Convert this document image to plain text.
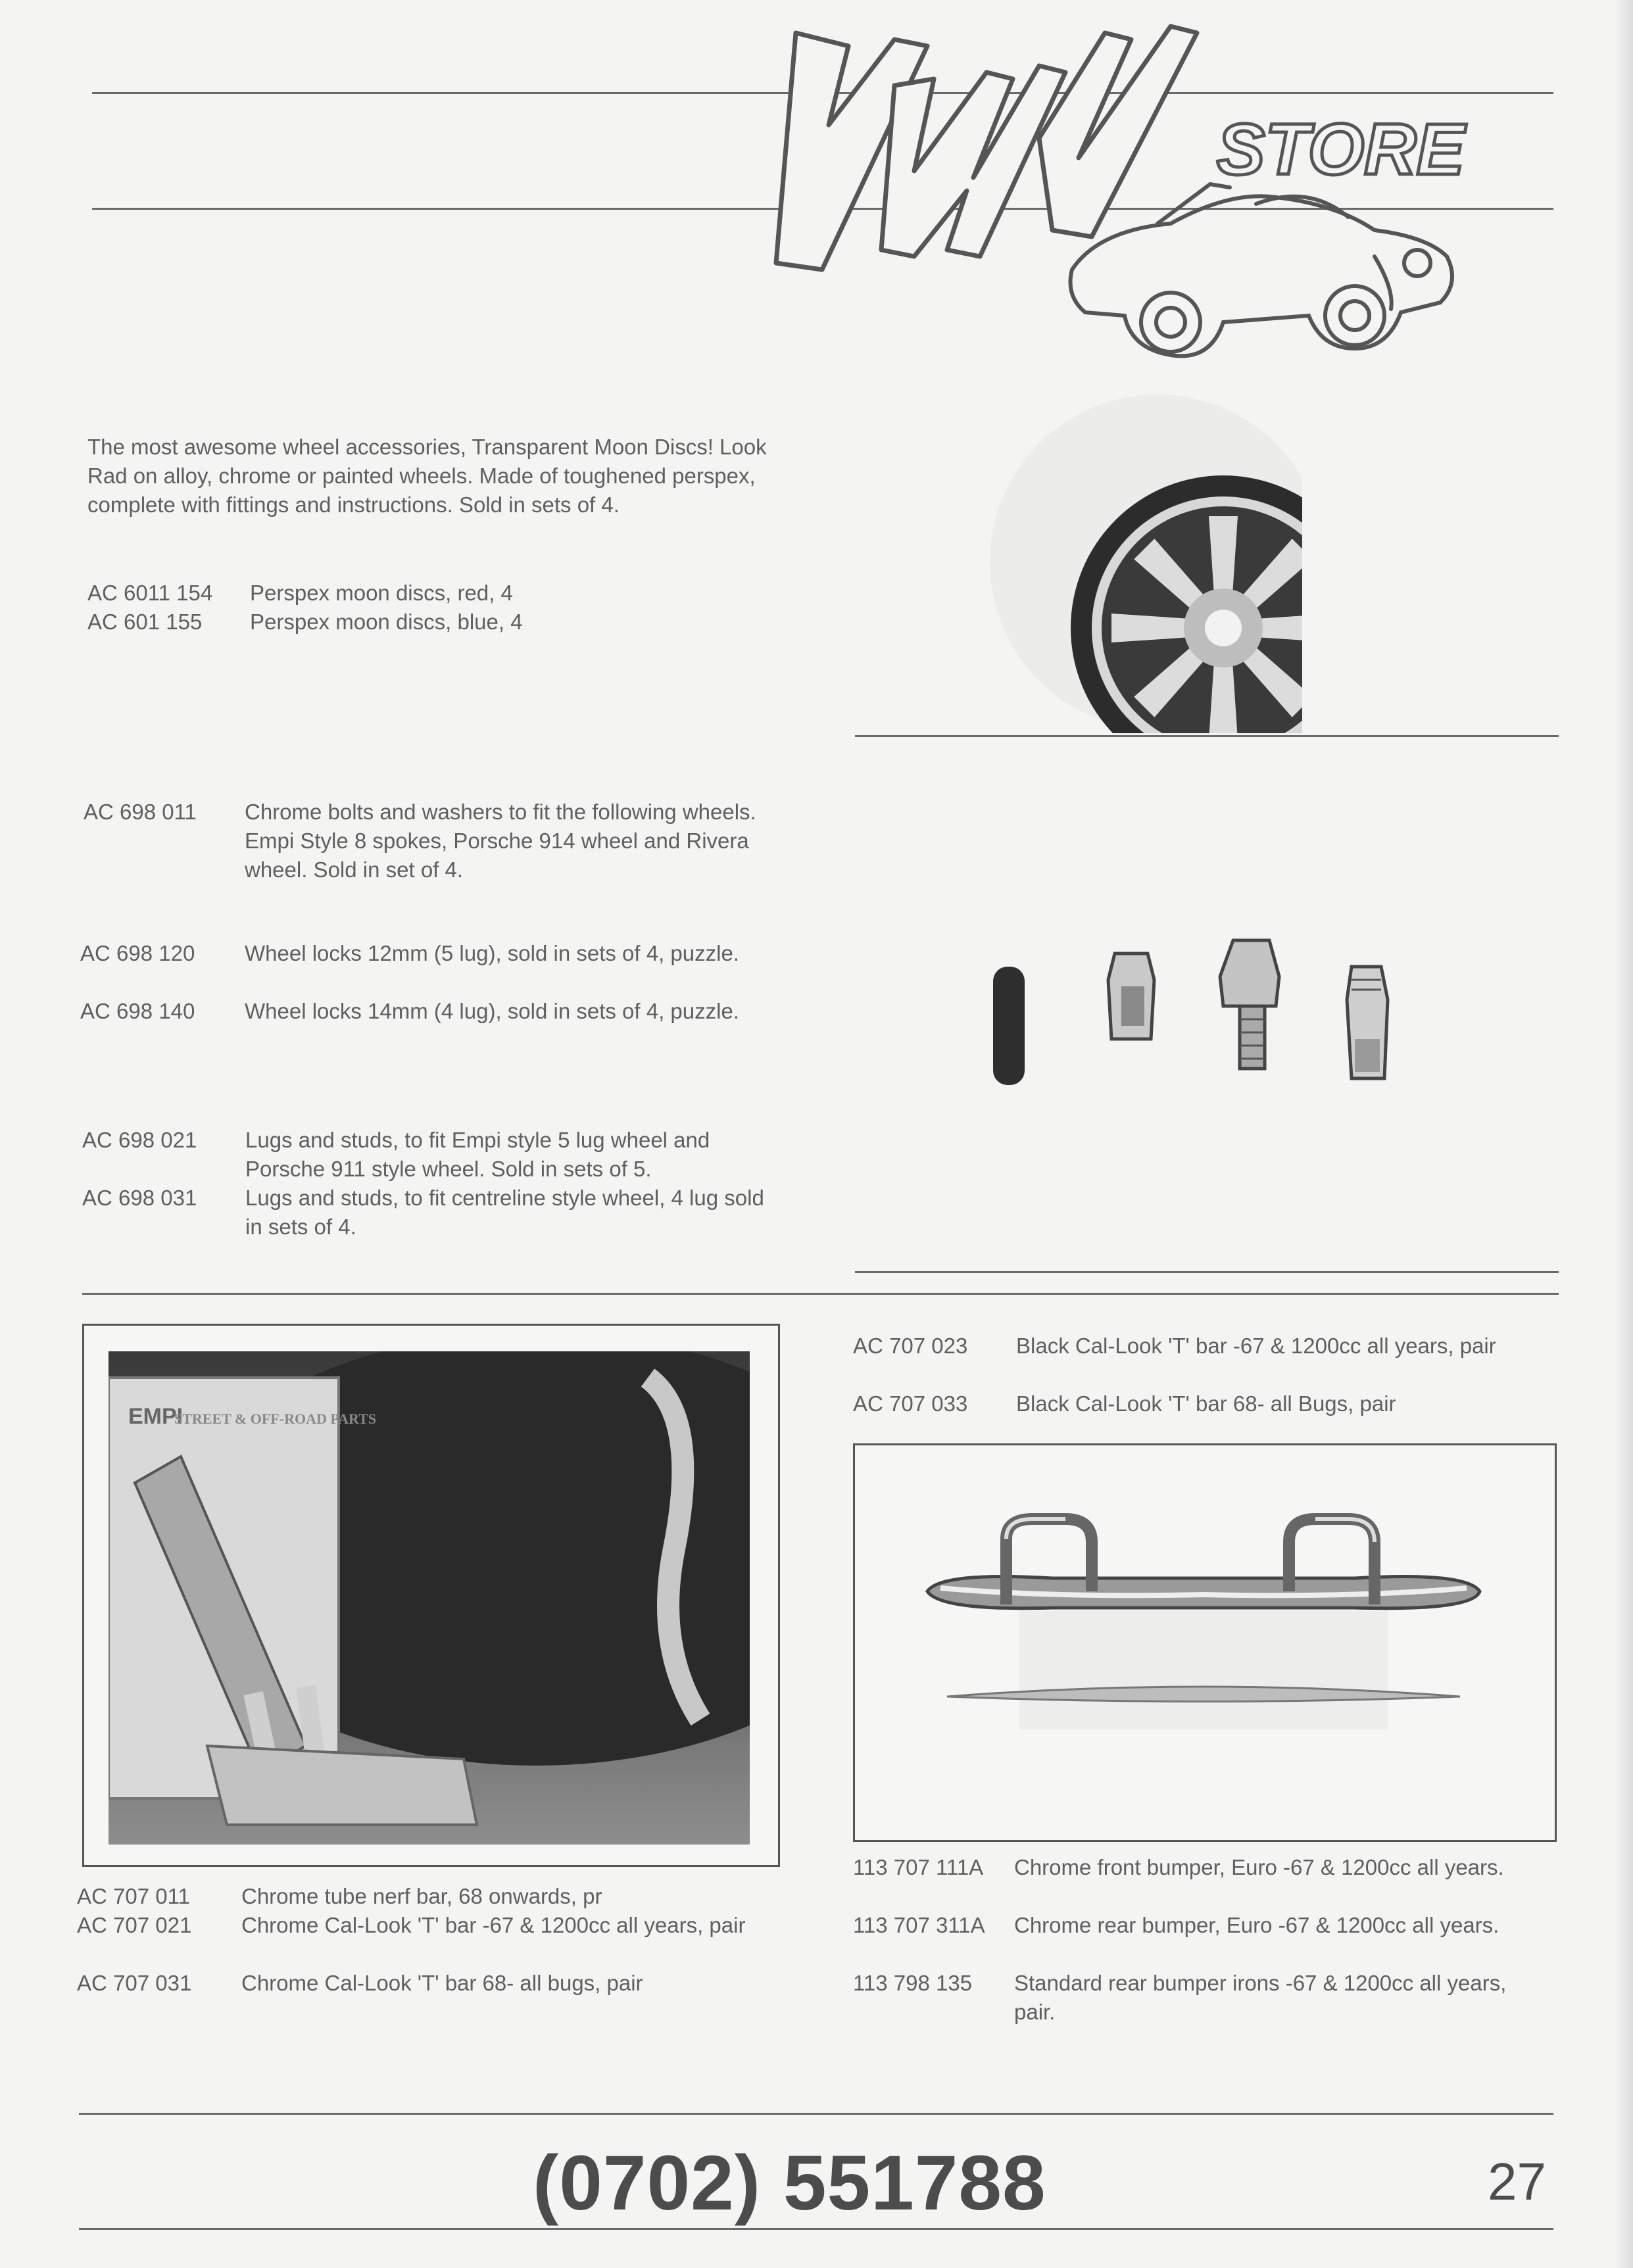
STORE
The most awesome wheel accessories, Transparent Moon Discs! Look Rad on alloy, chrome or painted wheels. Made of toughened perspex, complete with fittings and instructions. Sold in sets of 4.
AC 6011 154 Perspex moon discs, red, 4
AC 601 155 Perspex moon discs, blue, 4
AC 698 011 Chrome bolts and washers to fit the following wheels. Empi Style 8 spokes, Porsche 914 wheel and Rivera wheel. Sold in set of 4.
AC 698 120 Wheel locks 12mm (5 lug), sold in sets of 4, puzzle.
AC 698 140 Wheel locks 14mm (4 lug), sold in sets of 4, puzzle.
AC 698 021 Lugs and studs, to fit Empi style 5 lug wheel and Porsche 911 style wheel. Sold in sets of 5.
AC 698 031 Lugs and studs, to fit centreline style wheel, 4 lug sold in sets of 4.
EMPI
STREET & OFF-ROAD PARTS
AC 707 011 Chrome tube nerf bar, 68 onwards, pr
AC 707 021 Chrome Cal-Look 'T' bar -67 & 1200cc all years, pair
AC 707 031 Chrome Cal-Look 'T' bar 68- all bugs, pair
AC 707 023 Black Cal-Look 'T' bar -67 & 1200cc all years, pair
AC 707 033 Black Cal-Look 'T' bar 68- all Bugs, pair
113 707 111A Chrome front bumper, Euro -67 & 1200cc all years.
113 707 311A Chrome rear bumper, Euro -67 & 1200cc all years.
113 798 135 Standard rear bumper irons -67 & 1200cc all years, pair.
(0702) 551788	27
VW
